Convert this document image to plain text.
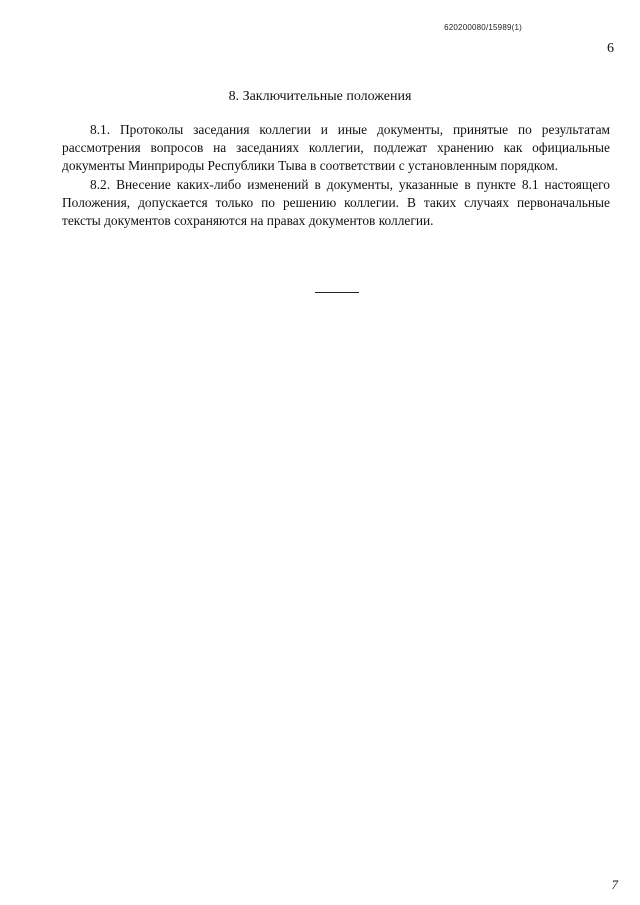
620200080/15989(1)
6
8. Заключительные положения

8.1. Протоколы заседания коллегии и иные документы, принятые по результатам рассмотрения вопросов на заседаниях коллегии, подлежат хранению как официальные документы Минприроды Республики Тыва в соответствии с установленным порядком.

8.2. Внесение каких-либо изменений в документы, указанные в пункте 8.1 настоящего Положения, допускается только по решению коллегии. В таких случаях первоначальные тексты документов сохраняются на правах документов коллегии.

7
